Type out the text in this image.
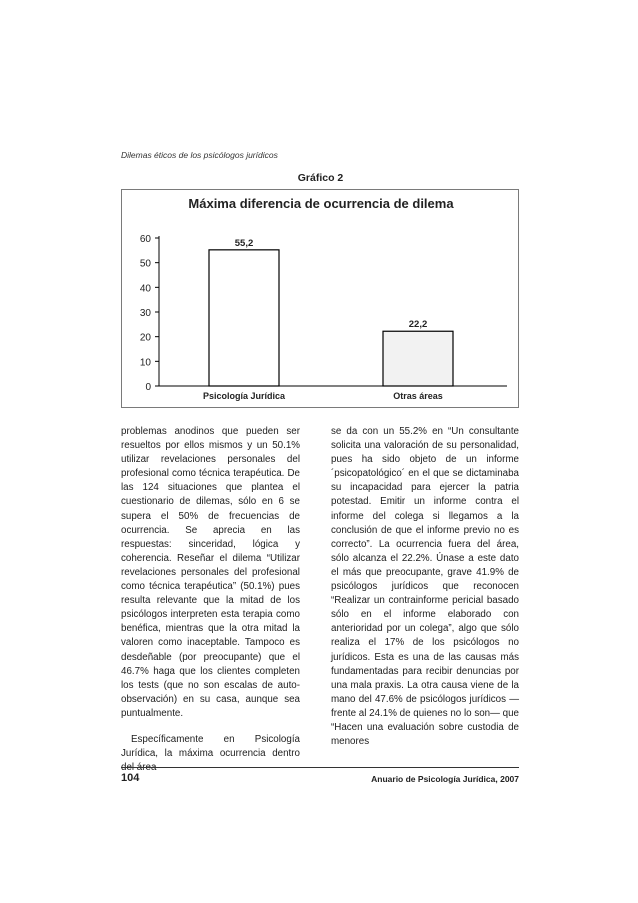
Dilemas éticos de los psicólogos jurídicos
Gráfico 2
Máxima diferencia de ocurrencia de dilema
0
10
20
30
40
50
60	55,2
Psicología Jurídica
22,2
Otras áreas

problemas anodinos que pueden ser resueltos por ellos mismos y un 50.1% utilizar revelaciones personales del profesional como técnica terapéutica. De las 124 situaciones que plantea el cuestionario de dilemas, sólo en 6 se supera el 50% de frecuencias de ocurrencia. Se aprecia en las respuestas: sinceridad, lógica y coherencia. Reseñar el dilema “Utilizar revelaciones personales del profesional como técnica terapéutica” (50.1%) pues resulta relevante que la mitad de los psicólogos interpreten esta terapia como benéfica, mientras que la otra mitad la valoren como inaceptable. Tampoco es desdeñable (por preocupante) que el 46.7% haga que los clientes completen los tests (que no son escalas de auto-observación) en su casa, aunque sea puntualmente.

Específicamente en Psicología Jurídica, la máxima ocurrencia dentro del área

se da con un 55.2% en “Un consultante solicita una valoración de su personalidad, pues ha sido objeto de un informe ´psicopatológico´ en el que se dictaminaba su incapacidad para ejercer la patria potestad. Emitir un informe contra el informe del colega si llegamos a la conclusión de que el informe previo no es correcto”. La ocurrencia fuera del área, sólo alcanza el 22.2%. Únase a este dato el más que preocupante, grave 41.9% de psicólogos jurídicos que reconocen “Realizar un contrainforme pericial basado sólo en el informe elaborado con anterioridad por un colega”, algo que sólo realiza el 17% de los psicólogos no jurídicos. Esta es una de las causas más fundamentadas para recibir denuncias por una mala praxis. La otra causa viene de la mano del 47.6% de psicólogos jurídicos —frente al 24.1% de quienes no lo son— que “Hacen una evaluación sobre custodia de menores

104	Anuario de Psicología Jurídica, 2007
